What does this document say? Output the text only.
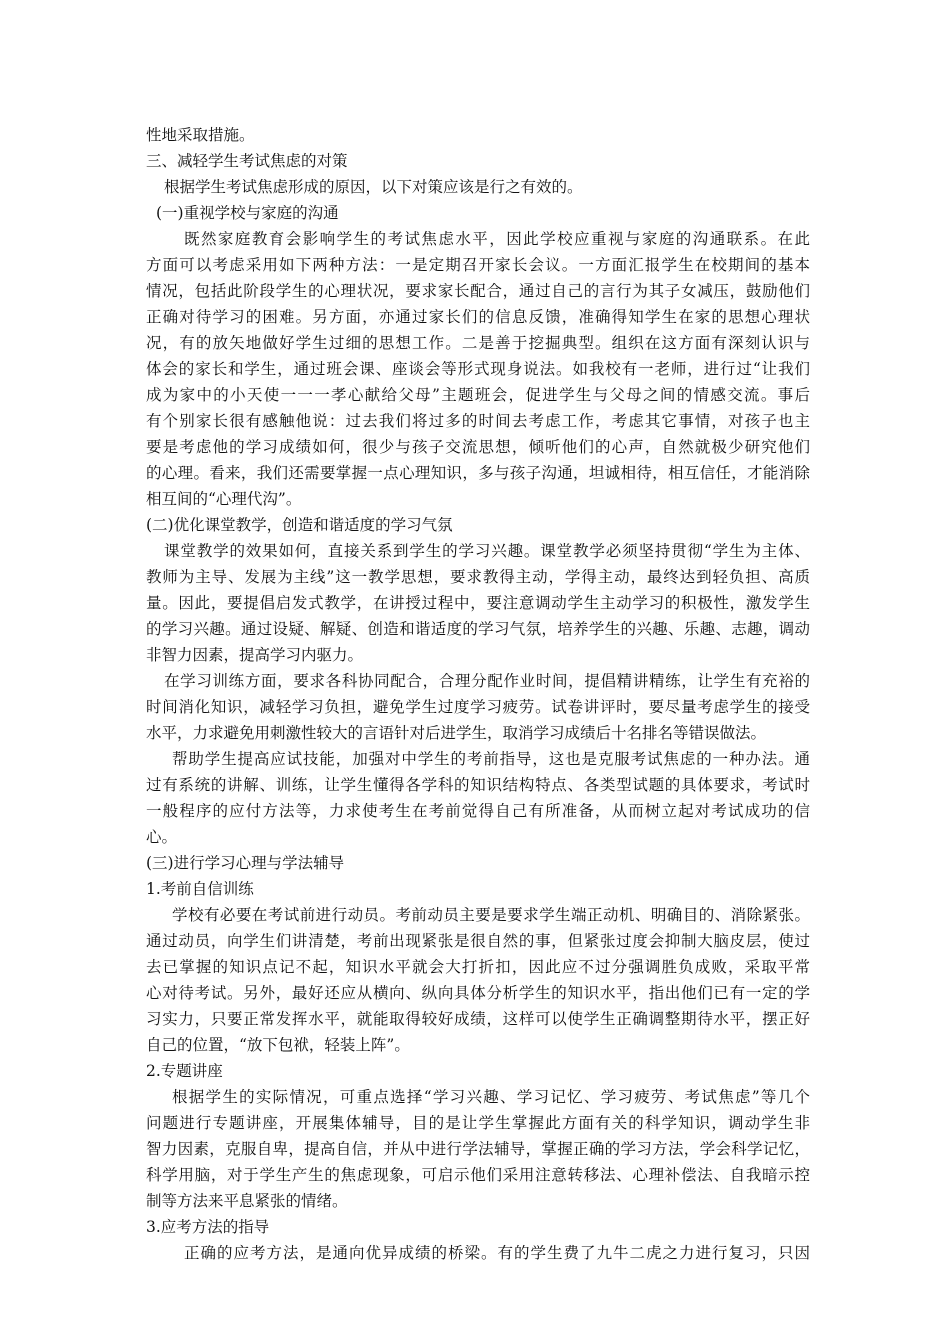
性地采取措施。
三、减轻学生考试焦虑的对策
根据学生考试焦虑形成的原因，以下对策应该是行之有效的。
(一)重视学校与家庭的沟通
既然家庭教育会影响学生的考试焦虑水平，因此学校应重视与家庭的沟通联系。在此
方面可以考虑采用如下两种方法：一是定期召开家长会议。一方面汇报学生在校期间的基本
情况，包括此阶段学生的心理状况，要求家长配合，通过自己的言行为其子女减压，鼓励他们
正确对待学习的困难。另方面，亦通过家长们的信息反馈，准确得知学生在家的思想心理状
况，有的放矢地做好学生过细的思想工作。二是善于挖掘典型。组织在这方面有深刻认识与
体会的家长和学生，通过班会课、座谈会等形式现身说法。如我校有一老师，进行过“让我们
成为家中的小天使一一一孝心献给父母”主题班会，促进学生与父母之间的情感交流。事后
有个别家长很有感触他说：过去我们将过多的时间去考虑工作，考虑其它事情，对孩子也主
要是考虑他的学习成绩如何，很少与孩子交流思想，倾听他们的心声，自然就极少研究他们
的心理。看来，我们还需要掌握一点心理知识，多与孩子沟通，坦诚相待，相互信任，才能消除
相互间的“心理代沟”。
(二)优化课堂教学，创造和谐适度的学习气氛
课堂教学的效果如何，直接关系到学生的学习兴趣。课堂教学必须坚持贯彻“学生为主体、
教师为主导、发展为主线”这一教学思想，要求教得主动，学得主动，最终达到轻负担、高质
量。因此，要提倡启发式教学，在讲授过程中，要注意调动学生主动学习的积极性，激发学生
的学习兴趣。通过设疑、解疑、创造和谐适度的学习气氛，培养学生的兴趣、乐趣、志趣，调动
非智力因素，提高学习内驱力。
在学习训练方面，要求各科协同配合，合理分配作业时间，提倡精讲精练，让学生有充裕的
时间消化知识，减轻学习负担，避免学生过度学习疲劳。试卷讲评时，要尽量考虑学生的接受
水平，力求避免用刺激性较大的言语针对后进学生，取消学习成绩后十名排名等错误做法。
帮助学生提高应试技能，加强对中学生的考前指导，这也是克服考试焦虑的一种办法。通
过有系统的讲解、训练，让学生懂得各学科的知识结构特点、各类型试题的具体要求，考试时
一般程序的应付方法等，力求使考生在考前觉得自己有所准备，从而树立起对考试成功的信
心。
(三)进行学习心理与学法辅导
1.考前自信训练
学校有必要在考试前进行动员。考前动员主要是要求学生端正动机、明确目的、消除紧张。
通过动员，向学生们讲清楚，考前出现紧张是很自然的事，但紧张过度会抑制大脑皮层，使过
去已掌握的知识点记不起，知识水平就会大打折扣，因此应不过分强调胜负成败，采取平常
心对待考试。另外，最好还应从横向、纵向具体分析学生的知识水平，指出他们已有一定的学
习实力，只要正常发挥水平，就能取得较好成绩，这样可以使学生正确调整期待水平，摆正好
自己的位置，“放下包袱，轻装上阵”。
2.专题讲座
根据学生的实际情况，可重点选择“学习兴趣、学习记忆、学习疲劳、考试焦虑”等几个
问题进行专题讲座，开展集体辅导，目的是让学生掌握此方面有关的科学知识，调动学生非
智力因素，克服自卑，提高自信，并从中进行学法辅导，掌握正确的学习方法，学会科学记忆，
科学用脑，对于学生产生的焦虑现象，可启示他们采用注意转移法、心理补偿法、自我暗示控
制等方法来平息紧张的情绪。
3.应考方法的指导
正确的应考方法，是通向优异成绩的桥梁。有的学生费了九牛二虎之力进行复习，只因
